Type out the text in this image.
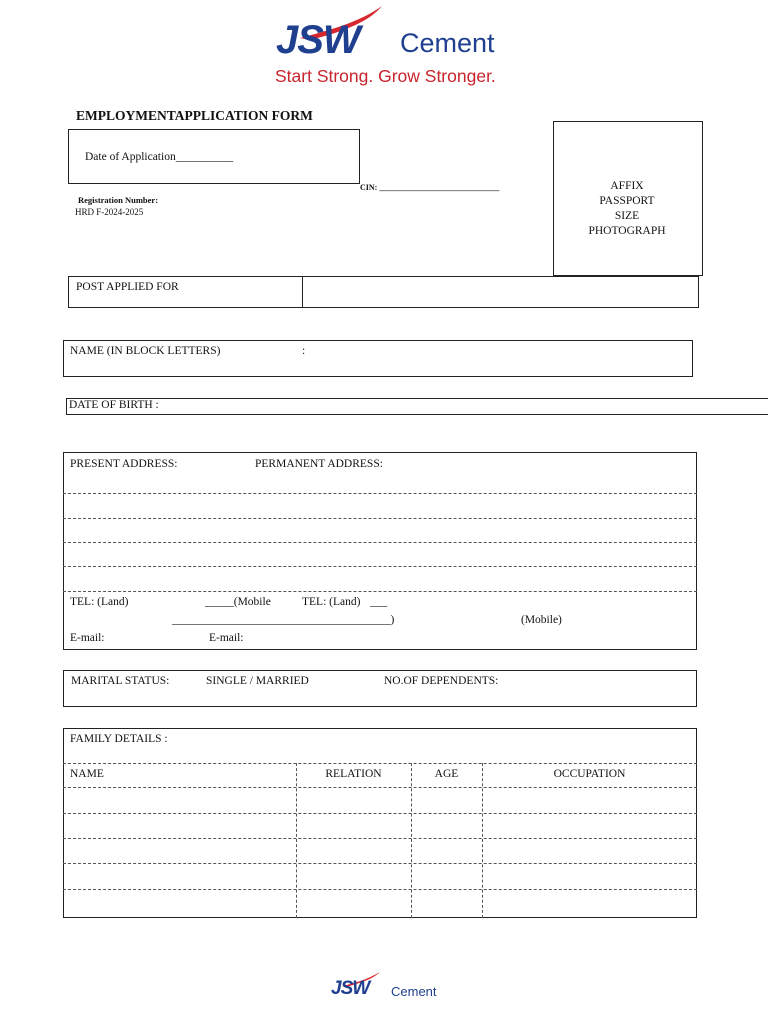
JSW Cement
Start Strong. Grow Stronger.
EMPLOYMENTAPPLICATION FORM
Date of Application__________
CIN: ______________________________
Registration Number:
HRD F-2024-2025
AFFIX
PASSPORT
SIZE
PHOTOGRAPH
POST APPLIED FOR
NAME (IN BLOCK LETTERS)	:
DATE OF BIRTH :
PRESENT ADDRESS:	PERMANENT ADDRESS:
TEL: (Land)	_____(Mobile	TEL: (Land) ___
______________________________________)	(Mobile)
E-mail:	E-mail:
MARITAL STATUS:	SINGLE / MARRIED	NO.OF DEPENDENTS:
FAMILY DETAILS :
NAME	RELATION	AGE	OCCUPATION
JSW Cement
